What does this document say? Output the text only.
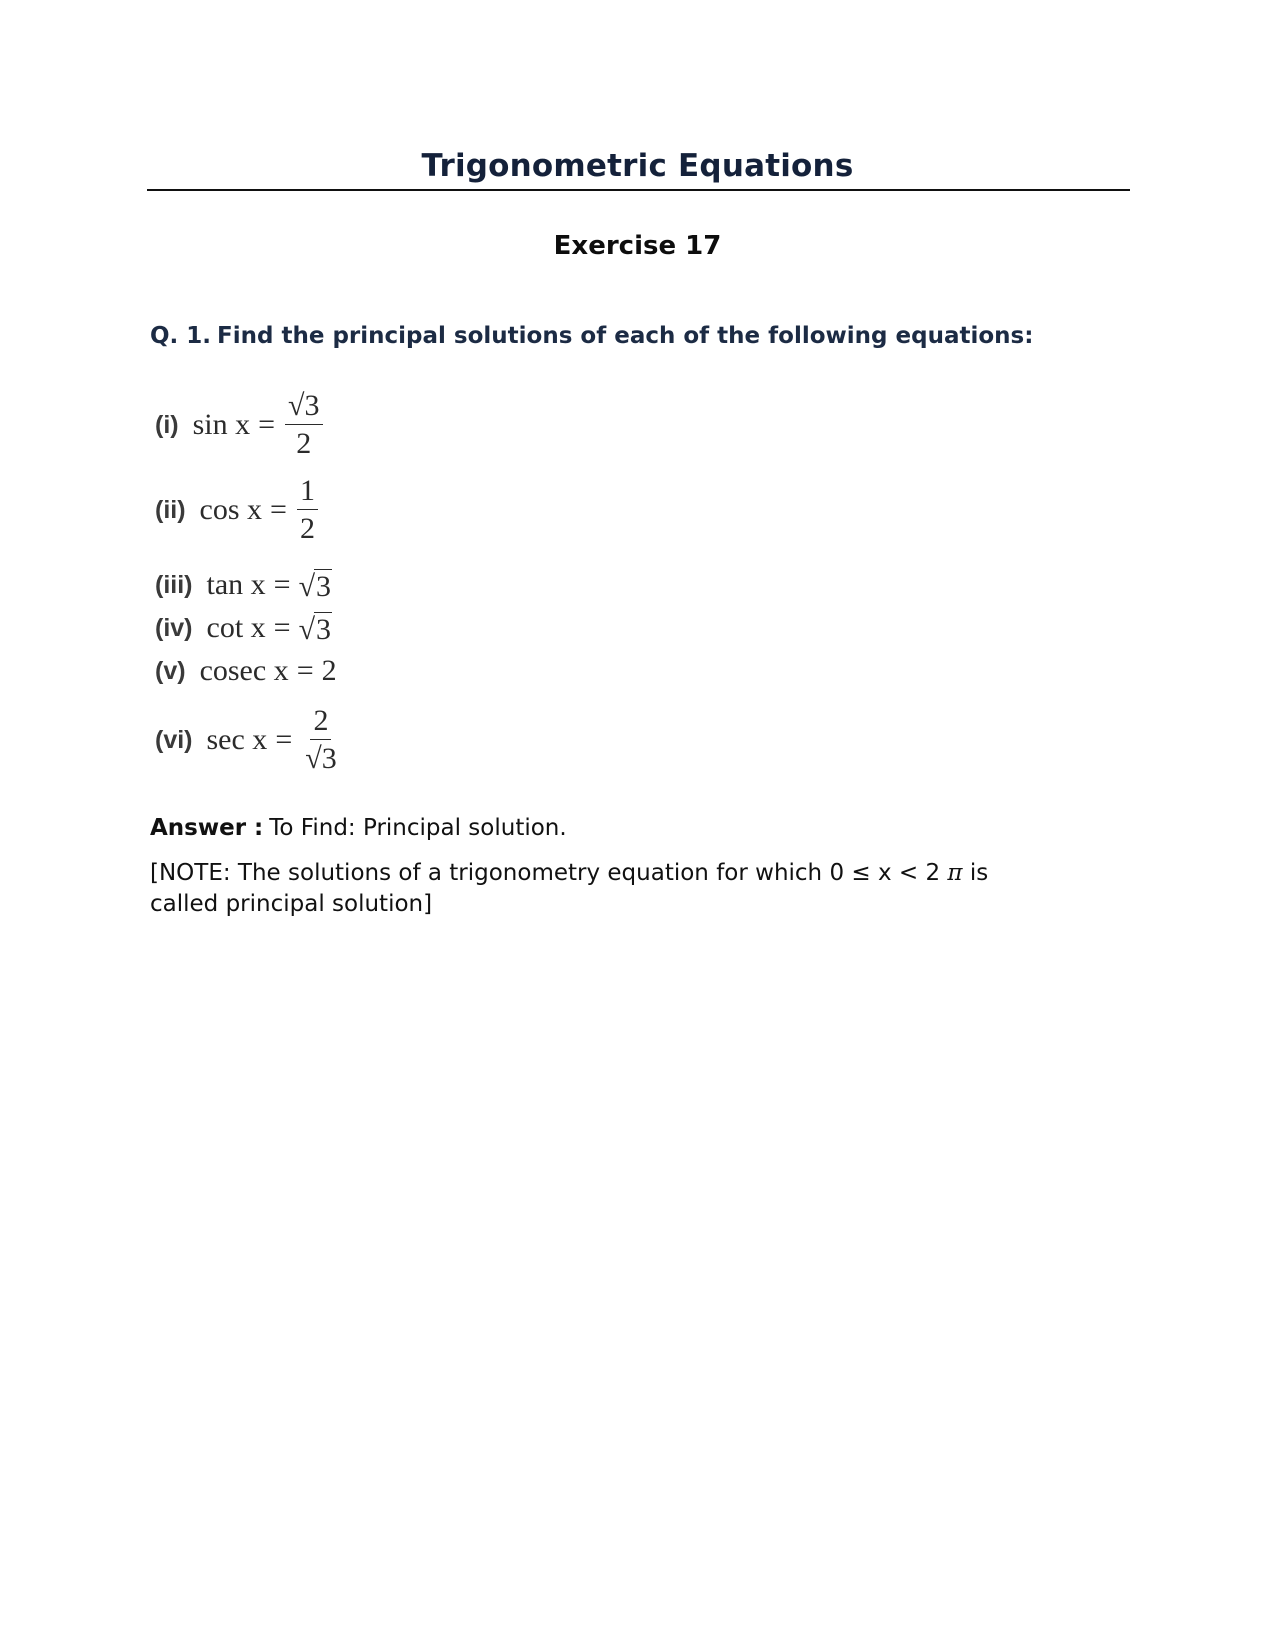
Trigonometric Equations
Exercise 17
Q. 1. Find the principal solutions of each of the following equations:
(i) $\sin x = \frac{√3}{2}$
(ii) $\cos x = \frac{1}{2}$
(iii) tan x = √ 3
(iv) cot x = √ 3
(v) cosec x = 2
(vi) $\sec x = \frac{2}{√3}$
Answer : To Find: Principal solution.
[NOTE: The solutions of a trigonometry equation for which 0 ≤ x < 2 π is called principal solution]
